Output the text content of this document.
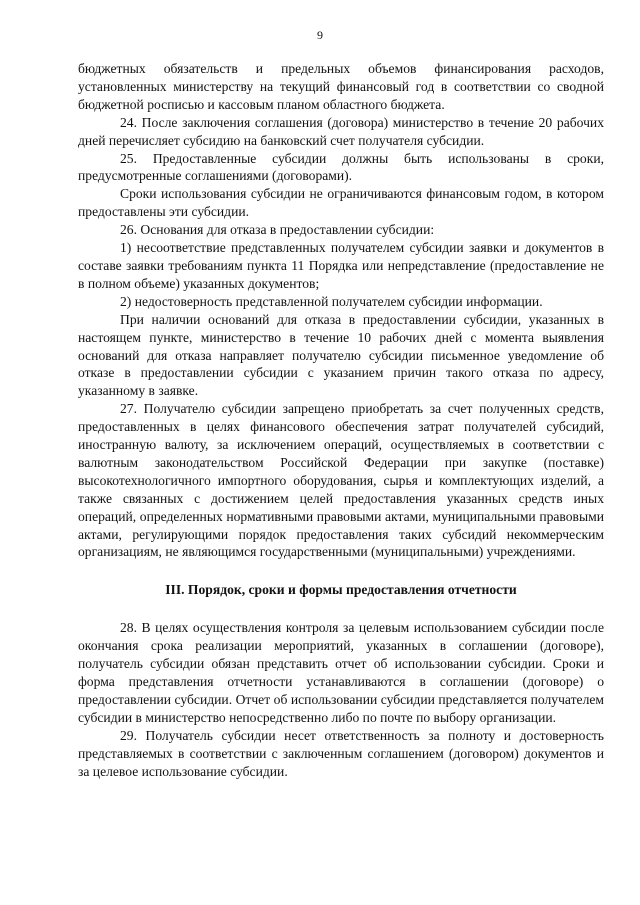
9

бюджетных обязательств и предельных объемов финансирования расходов, установленных министерству на текущий финансовый год в соответствии со сводной бюджетной росписью и кассовым планом областного бюджета.

24. После заключения соглашения (договора) министерство в течение 20 рабочих дней перечисляет субсидию на банковский счет получателя субсидии.

25. Предоставленные субсидии должны быть использованы в сроки, предусмотренные соглашениями (договорами).

Сроки использования субсидии не ограничиваются финансовым годом, в котором предоставлены эти субсидии.

26. Основания для отказа в предоставлении субсидии:

1) несоответствие представленных получателем субсидии заявки и документов в составе заявки требованиям пункта 11 Порядка или непредставление (предоставление не в полном объеме) указанных документов;

2) недостоверность представленной получателем субсидии информации.

При наличии оснований для отказа в предоставлении субсидии, указанных в настоящем пункте, министерство в течение 10 рабочих дней с момента выявления оснований для отказа направляет получателю субсидии письменное уведомление об отказе в предоставлении субсидии с указанием причин такого отказа по адресу, указанному в заявке.

27. Получателю субсидии запрещено приобретать за счет полученных средств, предоставленных в целях финансового обеспечения затрат получателей субсидий, иностранную валюту, за исключением операций, осуществляемых в соответствии с валютным законодательством Российской Федерации при закупке (поставке) высокотехнологичного импортного оборудования, сырья и комплектующих изделий, а также связанных с достижением целей предоставления указанных средств иных операций, определенных нормативными правовыми актами, муниципальными правовыми актами, регулирующими порядок предоставления таких субсидий некоммерческим организациям, не являющимся государственными (муниципальными) учреждениями.

III. Порядок, сроки и формы предоставления отчетности

28. В целях осуществления контроля за целевым использованием субсидии после окончания срока реализации мероприятий, указанных в соглашении (договоре), получатель субсидии обязан представить отчет об использовании субсидии. Сроки и форма представления отчетности устанавливаются в соглашении (договоре) о предоставлении субсидии. Отчет об использовании субсидии представляется получателем субсидии в министерство непосредственно либо по почте по выбору организации.

29. Получатель субсидии несет ответственность за полноту и достоверность представляемых в соответствии с заключенным соглашением (договором) документов и за целевое использование субсидии.
